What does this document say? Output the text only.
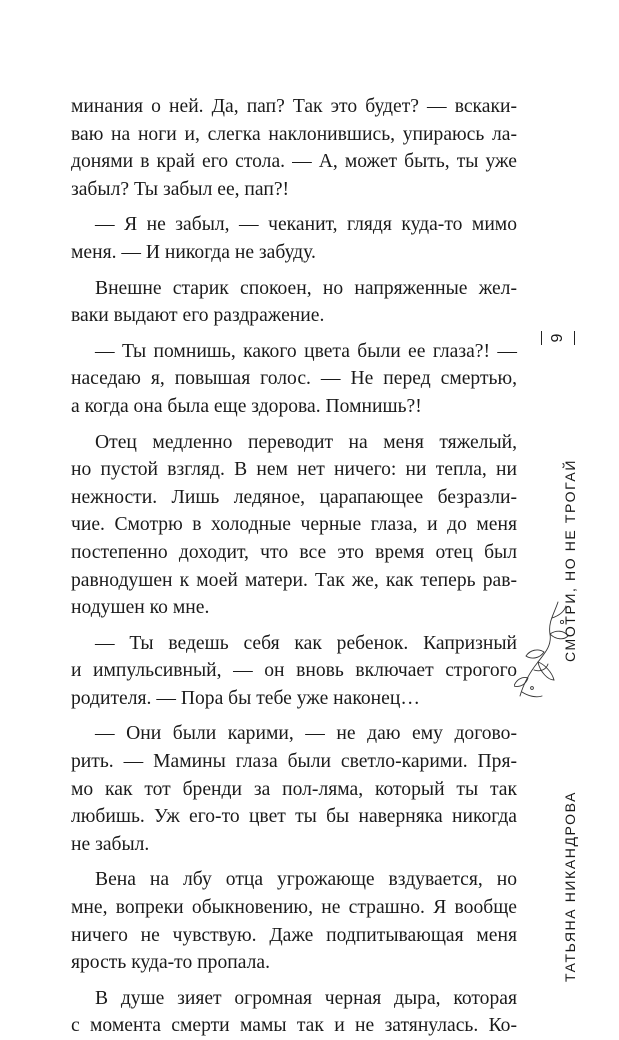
минания о ней. Да, пап? Так это будет? — вскаки-
ваю на ноги и, слегка наклонившись, упираюсь ла-
донями в край его стола. — А, может быть, ты уже
забыл? Ты забыл ее, пап?!
— Я не забыл, — чеканит, глядя куда-то мимо
меня. — И никогда не забуду.
Внешне старик спокоен, но напряженные жел-
ваки выдают его раздражение.
— Ты помнишь, какого цвета были ее глаза?! —
наседаю я, повышая голос. — Не перед смертью,
а когда она была еще здорова. Помнишь?!
Отец медленно переводит на меня тяжелый,
но пустой взгляд. В нем нет ничего: ни тепла, ни
нежности. Лишь ледяное, царапающее безразли-
чие. Смотрю в холодные черные глаза, и до меня
постепенно доходит, что все это время отец был
равнодушен к моей матери. Так же, как теперь рав-
нодушен ко мне.
— Ты ведешь себя как ребенок. Капризный
и импульсивный, — он вновь включает строгого
родителя. — Пора бы тебе уже наконец…
— Они были карими, — не даю ему догово-
рить. — Мамины глаза были светло-карими. Пря-
мо как тот бренди за пол-ляма, который ты так
любишь. Уж его-то цвет ты бы наверняка никогда
не забыл.
Вена на лбу отца угрожающе вздувается, но
мне, вопреки обыкновению, не страшно. Я вообще
ничего не чувствую. Даже подпитывающая меня
ярость куда-то пропала.
В душе зияет огромная черная дыра, которая
с момента смерти мамы так и не затянулась. Ко-
9
ТАТЬЯНА НИКАНДРОВА
СМОТРИ, НО НЕ ТРОГАЙ
